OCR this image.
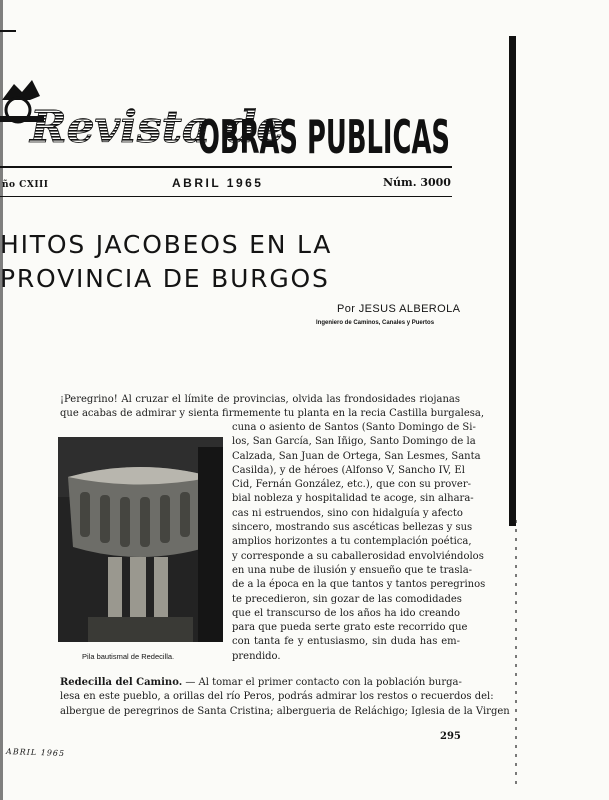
Revista de
OBRAS PUBLICAS
ño CXIII	ABRIL 1965	Núm. 3000
HITOS JACOBEOS EN LA
PROVINCIA DE BURGOS
Por JESUS ALBEROLA
Ingeniero de Caminos, Canales y Puertos
¡Peregrino! Al cruzar el límite de provincias, olvida las frondosidades riojanas
que acabas de admirar y sienta firmemente tu planta en la recia Castilla burgalesa,
Pila bautismal de Redecilla.
cuna o asiento de Santos (Santo Domingo de Si-
los, San García, San Iñigo, Santo Domingo de la
Calzada, San Juan de Ortega, San Lesmes, Santa
Casilda), y de héroes (Alfonso V, Sancho IV, El
Cid, Fernán González, etc.), que con su prover-
bial nobleza y hospitalidad te acoge, sin alhara-
cas ni estruendos, sino con hidalguía y afecto
sincero, mostrando sus ascéticas bellezas y sus
amplios horizontes a tu contemplación poética,
y corresponde a su caballerosidad envolviéndolos
en una nube de ilusión y ensueño que te trasla-
de a la época en la que tantos y tantos peregrinos
te precedieron, sin gozar de las comodidades
que el transcurso de los años ha ido creando
para que pueda serte grato este recorrido que
con tanta fe y entusiasmo, sin duda has em-
prendido.
Redecilla del Camino. — Al tomar el primer contacto con la población burga-
lesa en este pueblo, a orillas del río Peros, podrás admirar los restos o recuerdos del:
albergue de peregrinos de Santa Cristina; albergueria de Reláchigo; Iglesia de la Virgen
ABRIL 1965
295
